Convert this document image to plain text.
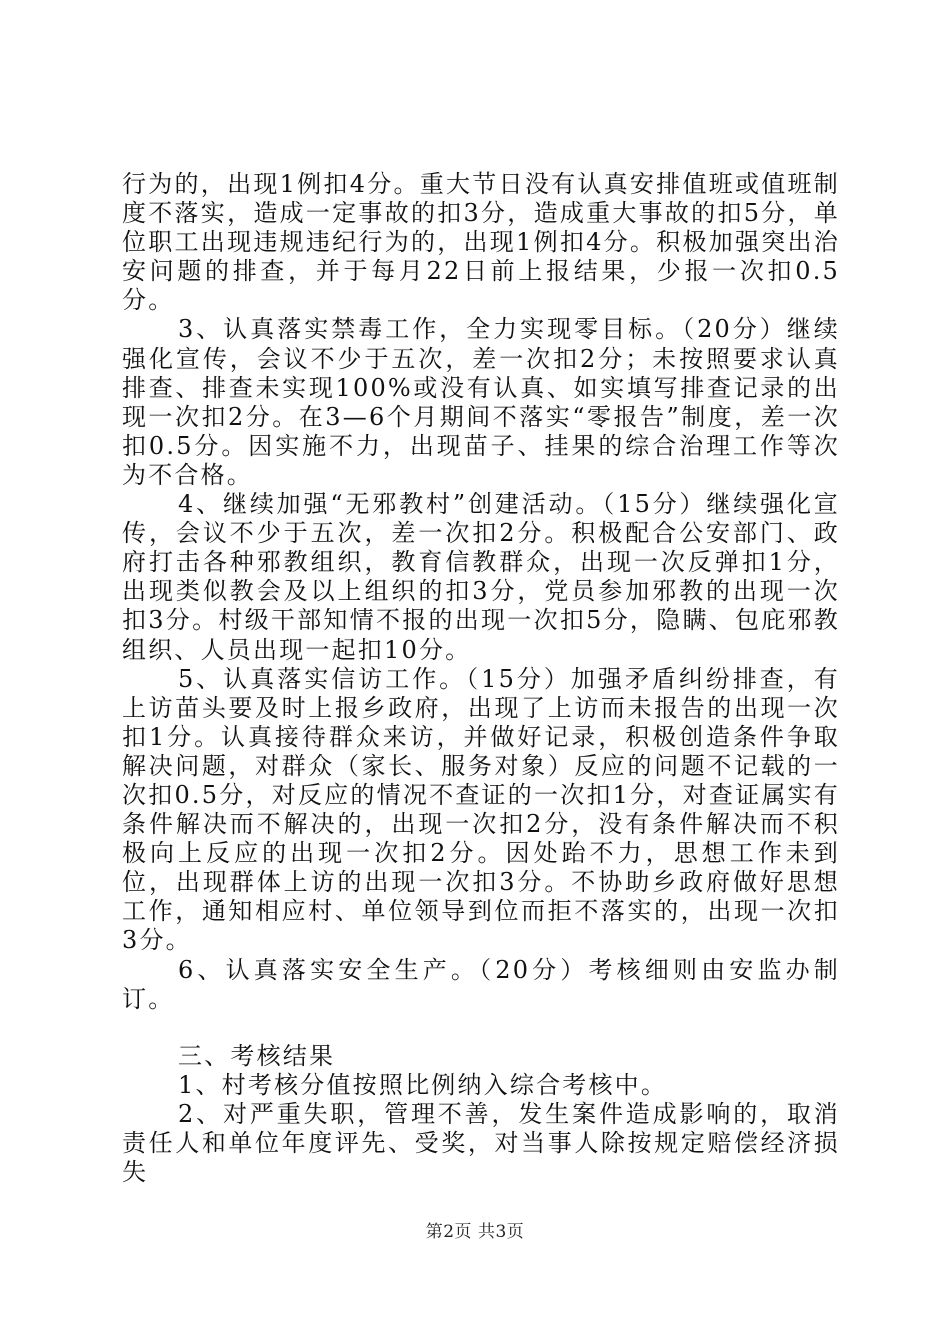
行为的，出现1例扣4分。重大节日没有认真安排值班或值班制度不落实，造成一定事故的扣3分，造成重大事故的扣5分，单位职工出现违规违纪行为的，出现1例扣4分。积极加强突出治安问题的排查，并于每月22日前上报结果，少报一次扣0.5分。

3、认真落实禁毒工作，全力实现零目标。（20分）继续强化宣传，会议不少于五次，差一次扣2分；未按照要求认真排查、排查未实现100%或没有认真、如实填写排查记录的出现一次扣2分。在3—6个月期间不落实“零报告”制度，差一次扣0.5分。因实施不力，出现苗子、挂果的综合治理工作等次为不合格。

4、继续加强“无邪教村”创建活动。（15分）继续强化宣传，会议不少于五次，差一次扣2分。积极配合公安部门、政府打击各种邪教组织，教育信教群众，出现一次反弹扣1分，出现类似教会及以上组织的扣3分，党员参加邪教的出现一次扣3分。村级干部知情不报的出现一次扣5分，隐瞒、包庇邪教组织、人员出现一起扣10分。

5、认真落实信访工作。（15分）加强矛盾纠纷排查，有上访苗头要及时上报乡政府，出现了上访而未报告的出现一次扣1分。认真接待群众来访，并做好记录，积极创造条件争取解决问题，对群众（家长、服务对象）反应的问题不记载的一次扣0.5分，对反应的情况不查证的一次扣1分，对查证属实有条件解决而不解决的，出现一次扣2分，没有条件解决而不积极向上反应的出现一次扣2分。因处跆不力，思想工作未到位，出现群体上访的出现一次扣3分。不协助乡政府做好思想工作，通知相应村、单位领导到位而拒不落实的，出现一次扣3分。

6、认真落实安全生产。（20分）考核细则由安监办制订。

三、考核结果

1、村考核分值按照比例纳入综合考核中。

2、对严重失职，管理不善，发生案件造成影响的，取消责任人和单位年度评先、受奖，对当事人除按规定赔偿经济损失

第2页 共3页
